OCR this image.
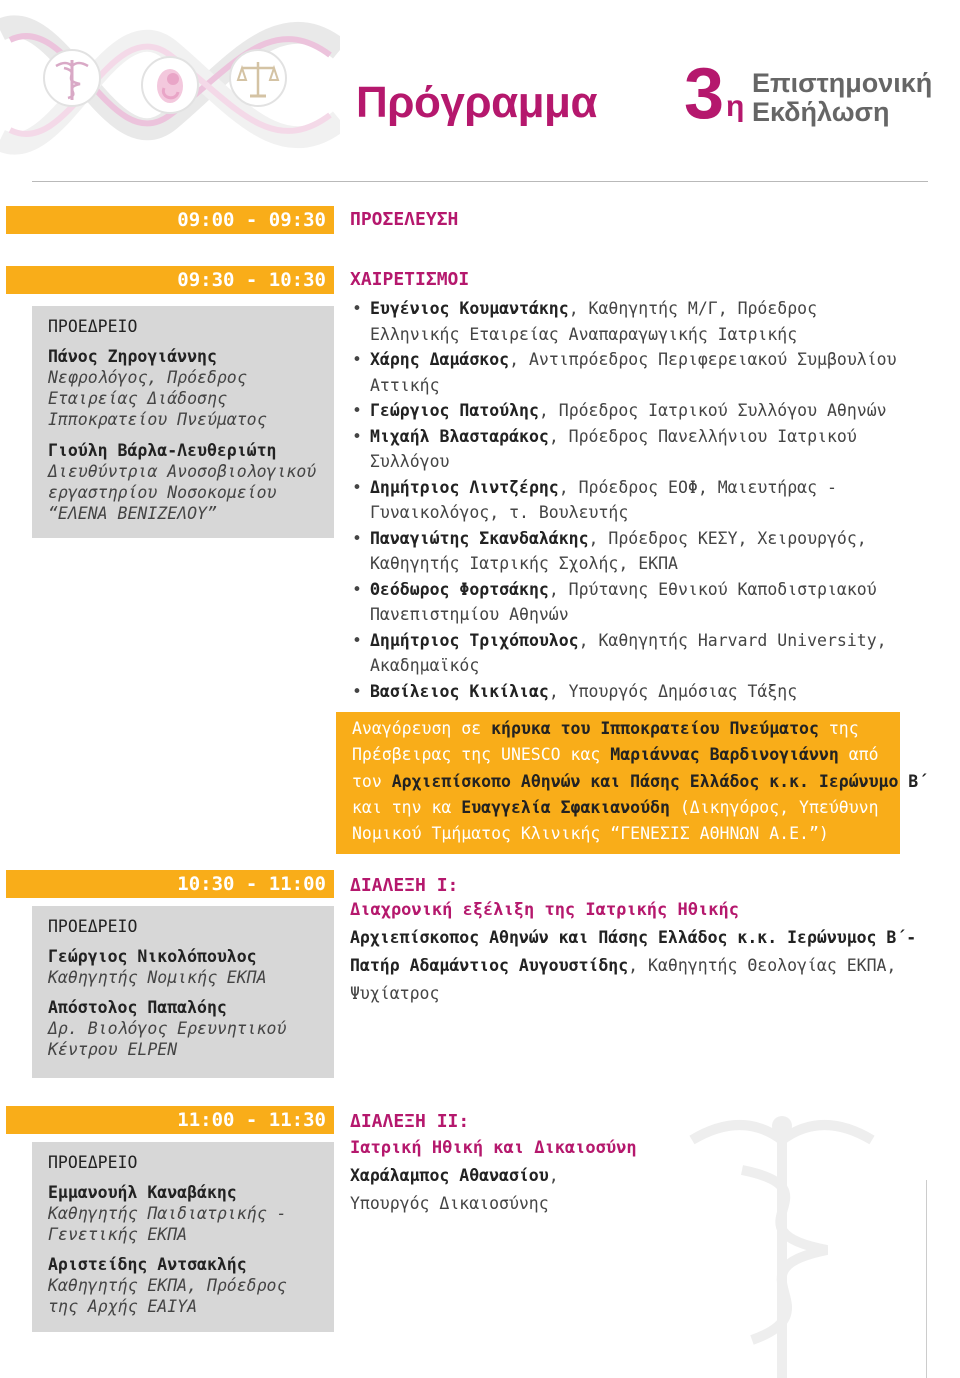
Πρόγραμμα 3 η
Επιστημονική
Εκδήλωση
09:00 - 09:30 ΠΡΟΣΕΛΕΥΣΗ
09:30 - 10:30 ΧΑΙΡΕΤΙΣΜΟΙ
ΠΡΟΕΔΡΕΙΟ
Πάνος Ζηρογιάννης
Νεφρολόγος, Πρόεδρος
Εταιρείας Διάδοσης
Ιπποκρατείου Πνεύματος
Γιούλη Βάρλα-Λευθεριώτη
Διευθύντρια Ανοσοβιολογικού
εργαστηρίου Νοσοκομείου
“ΕΛΕΝΑ ΒΕΝΙΖΕΛΟΥ”
• Ευγένιος Κουμαντάκης, Καθηγητής Μ/Γ, Πρόεδρος
Ελληνικής Εταιρείας Αναπαραγωγικής Ιατρικής
• Χάρης Δαμάσκος, Αντιπρόεδρος Περιφερειακού Συμβουλίου
Αττικής
• Γεώργιος Πατούλης, Πρόεδρος Ιατρικού Συλλόγου Αθηνών
• Μιχαήλ Βλασταράκος, Πρόεδρος Πανελλήνιου Ιατρικού
Συλλόγου
• Δημήτριος Λιντζέρης, Πρόεδρος ΕΟΦ, Μαιευτήρας -
Γυναικολόγος, τ. Βουλευτής
• Παναγιώτης Σκανδαλάκης, Πρόεδρος ΚΕΣΥ, Χειρουργός,
Καθηγητής Ιατρικής Σχολής, ΕΚΠΑ
• Θεόδωρος Φορτσάκης, Πρύτανης Εθνικού Καποδιστριακού
Πανεπιστημίου Αθηνών
• Δημήτριος Τριχόπουλος, Καθηγητής Harvard University,
Ακαδημαϊκός
• Βασίλειος Κικίλιας, Υπουργός Δημόσιας Τάξης
Αναγόρευση σε κήρυκα του Ιπποκρατείου Πνεύματος της
Πρέσβειρας της UNESCO κας Μαριάννας Βαρδινογιάννη από
τον Αρχιεπίσκοπο Αθηνών και Πάσης Ελλάδος κ.κ. Ιερώνυμο Β΄
και την κα Ευαγγελία Σφακιανούδη (Δικηγόρος, Υπεύθυνη
Νομικού Τμήματος Κλινικής “ΓΕΝΕΣΙΣ ΑΘΗΝΩΝ Α.Ε.”)
10:30 - 11:00 ΔΙΑΛΕΞΗ Ι:
Διαχρονική εξέλιξη της Ιατρικής Ηθικής
Αρχιεπίσκοπος Αθηνών και Πάσης Ελλάδος κ.κ. Ιερώνυμος Β΄-
Πατήρ Αδαμάντιος Αυγουστίδης, Καθηγητής Θεολογίας ΕΚΠΑ,
Ψυχίατρος
ΠΡΟΕΔΡΕΙΟ
Γεώργιος Νικολόπουλος
Καθηγητής Νομικής ΕΚΠΑ
Απόστολος Παπαλόης
Δρ. Βιολόγος Ερευνητικού
Κέντρου ELPEN
11:00 - 11:30 ΔΙΑΛΕΞΗ ΙΙ:
Ιατρική Ηθική και Δικαιοσύνη
Χαράλαμπος Αθανασίου,
Υπουργός Δικαιοσύνης
ΠΡΟΕΔΡΕΙΟ
Εμμανουήλ Καναβάκης
Καθηγητής Παιδιατρικής -
Γενετικής ΕΚΠΑ
Αριστείδης Αντσακλής
Καθηγητής ΕΚΠΑ, Πρόεδρος
της Αρχής ΕΑΙΥΑ
